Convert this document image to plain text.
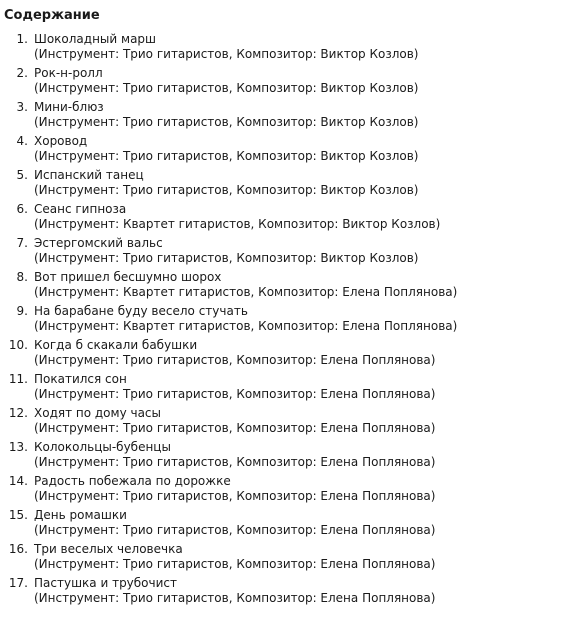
Содержание
1. Шоколадный марш
(Инструмент: Трио гитаристов, Композитор: Виктор Козлов)
2. Рок-н-ролл
(Инструмент: Трио гитаристов, Композитор: Виктор Козлов)
3. Мини-блюз
(Инструмент: Трио гитаристов, Композитор: Виктор Козлов)
4. Хоровод
(Инструмент: Трио гитаристов, Композитор: Виктор Козлов)
5. Испанский танец
(Инструмент: Трио гитаристов, Композитор: Виктор Козлов)
6. Сеанс гипноза
(Инструмент: Квартет гитаристов, Композитор: Виктор Козлов)
7. Эстергомский вальс
(Инструмент: Трио гитаристов, Композитор: Виктор Козлов)
8. Вот пришел бесшумно шорох
(Инструмент: Квартет гитаристов, Композитор: Елена Поплянова)
9. На барабане буду весело стучать
(Инструмент: Квартет гитаристов, Композитор: Елена Поплянова)
10. Когда б скакали бабушки
(Инструмент: Трио гитаристов, Композитор: Елена Поплянова)
11. Покатился сон
(Инструмент: Трио гитаристов, Композитор: Елена Поплянова)
12. Ходят по дому часы
(Инструмент: Трио гитаристов, Композитор: Елена Поплянова)
13. Колокольцы-бубенцы
(Инструмент: Трио гитаристов, Композитор: Елена Поплянова)
14. Радость побежала по дорожке
(Инструмент: Трио гитаристов, Композитор: Елена Поплянова)
15. День ромашки
(Инструмент: Трио гитаристов, Композитор: Елена Поплянова)
16. Три веселых человечка
(Инструмент: Трио гитаристов, Композитор: Елена Поплянова)
17. Пастушка и трубочист
(Инструмент: Трио гитаристов, Композитор: Елена Поплянова)
